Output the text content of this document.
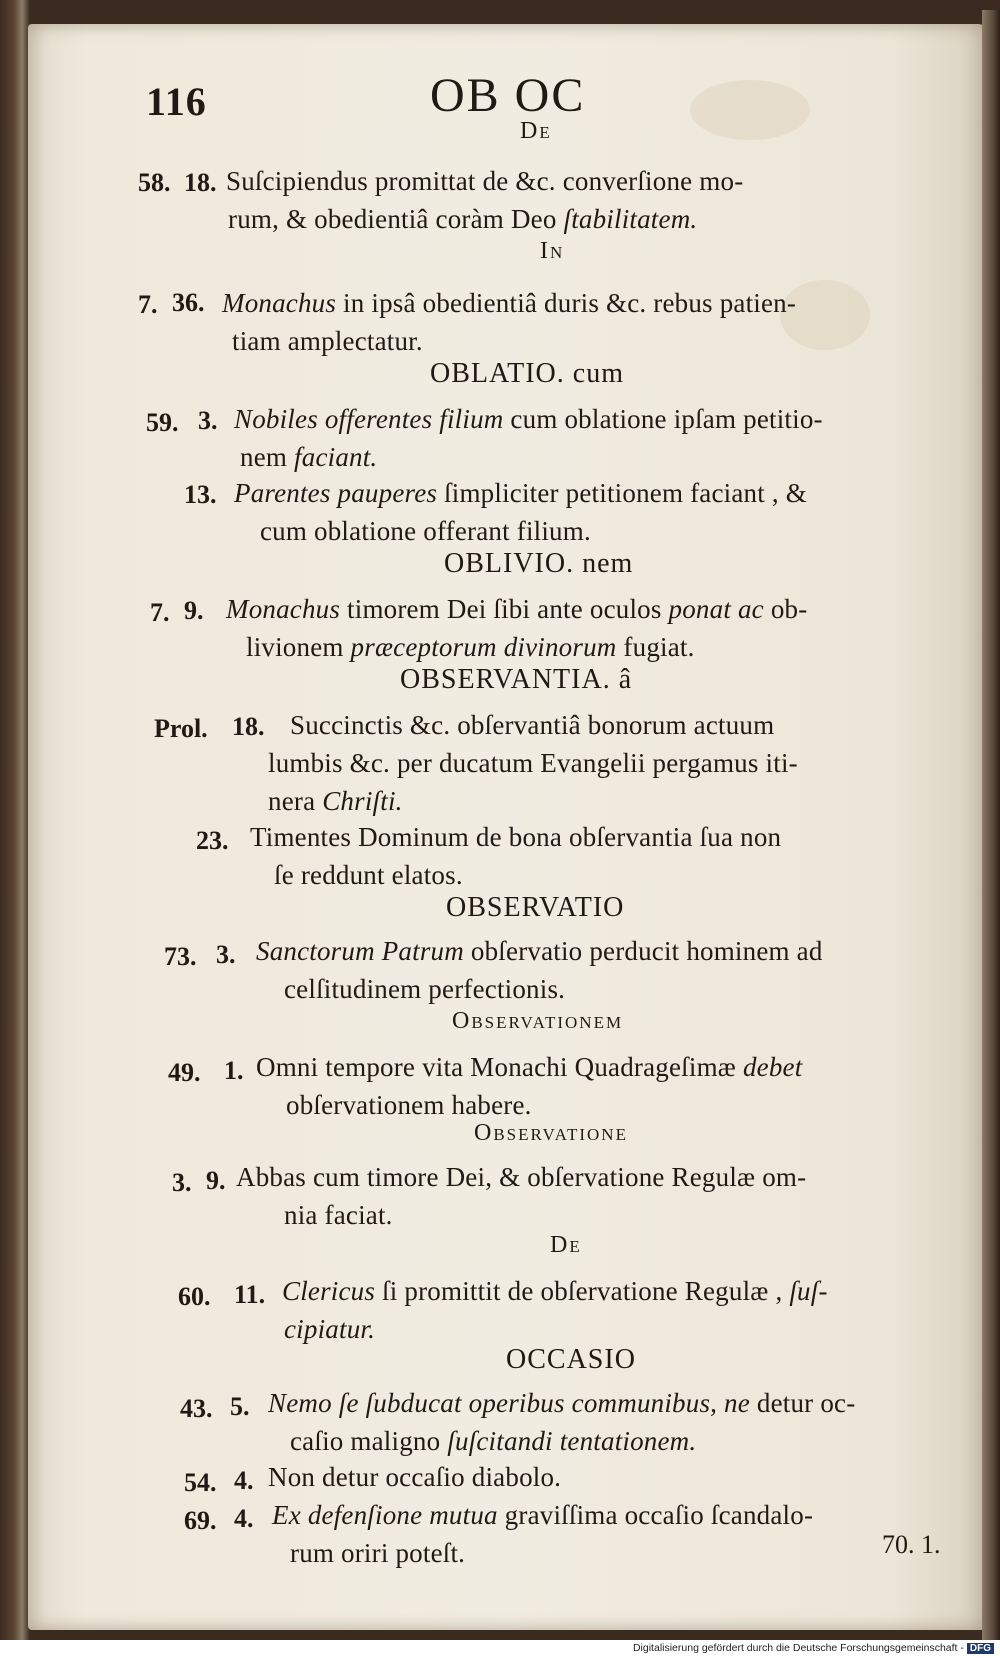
116	OB OC
De
58. 18. Suſcipiendus promittat de &c. converſione mo-
rum, & obedientiâ coràm Deo ſtabilitatem.
In
7. 36. Monachus in ipsâ obedientiâ duris &c. rebus patien-
tiam amplectatur.
OBLATIO. cum
59. 3. Nobiles offerentes filium cum oblatione ipſam petitio-
nem faciant.
13. Parentes pauperes ſimpliciter petitionem faciant , &
cum oblatione offerant filium.
OBLIVIO. nem
7. 9. Monachus timorem Dei ſibi ante oculos ponat ac ob-
livionem præceptorum divinorum fugiat.
OBSERVANTIA. â
Prol. 18. Succinctis &c. obſervantiâ bonorum actuum
lumbis &c. per ducatum Evangelii pergamus iti-
nera Chriſti.
23. Timentes Dominum de bona obſervantia ſua non
ſe reddunt elatos.
OBSERVATIO
73. 3. Sanctorum Patrum obſervatio perducit hominem ad
celſitudinem perfectionis.
Observationem
49. 1. Omni tempore vita Monachi Quadrageſimæ debet
obſervationem habere.
Observatione
3. 9. Abbas cum timore Dei, & obſervatione Regulæ om-
nia faciat.
De
60. 11. Clericus ſi promittit de obſervatione Regulæ , ſuſ-
cipiatur.
OCCASIO
43. 5. Nemo ſe ſubducat operibus communibus, ne detur oc-
caſio maligno ſuſcitandi tentationem.
54. 4. Non detur occaſio diabolo.
69. 4. Ex defenſione mutua graviſſima occaſio ſcandalo-
rum oriri poteſt.	70. 1.
Digitalisierung gefördert durch die Deutsche Forschungsgemeinschaft - DFG
